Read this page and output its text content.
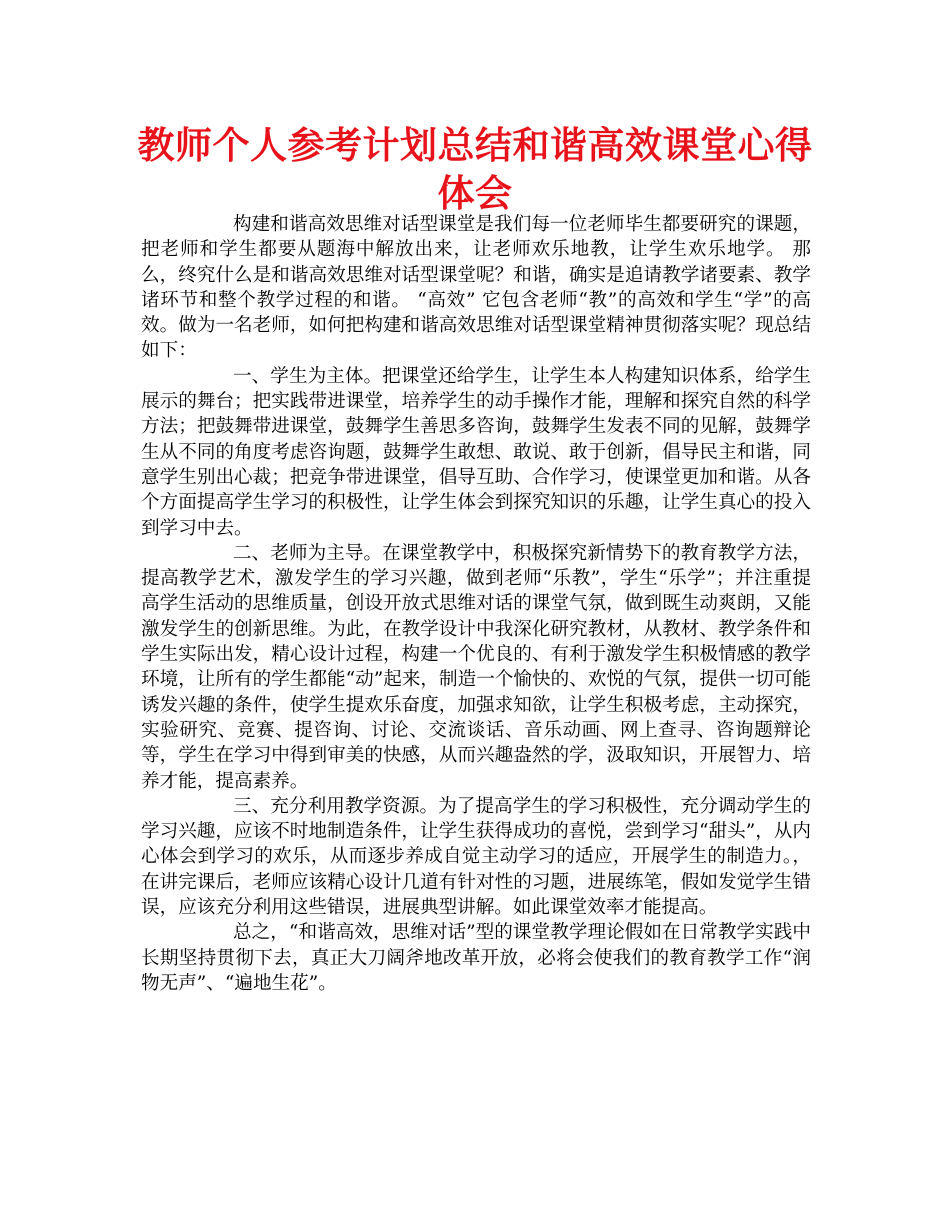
教师个人参考计划总结和谐高效课堂心得体会

构建和谐高效思维对话型课堂是我们每一位老师毕生都要研究的课题，把老师和学生都要从题海中解放出来，让老师欢乐地教，让学生欢乐地学。 那么，终究什么是和谐高效思维对话型课堂呢？和谐，确实是追请教学诸要素、教学诸环节和整个教学过程的和谐。 “高效” 它包含老师“教”的高效和学生“学”的高效。做为一名老师，如何把构建和谐高效思维对话型课堂精神贯彻落实呢？现总结如下：

一、学生为主体。把课堂还给学生，让学生本人构建知识体系，给学生展示的舞台；把实践带进课堂，培养学生的动手操作才能，理解和探究自然的科学方法；把鼓舞带进课堂，鼓舞学生善思多咨询，鼓舞学生发表不同的见解，鼓舞学生从不同的角度考虑咨询题，鼓舞学生敢想、敢说、敢于创新，倡导民主和谐，同意学生别出心裁；把竞争带进课堂，倡导互助、合作学习，使课堂更加和谐。从各个方面提高学生学习的积极性，让学生体会到探究知识的乐趣，让学生真心的投入到学习中去。

二、老师为主导。在课堂教学中，积极探究新情势下的教育教学方法，提高教学艺术，激发学生的学习兴趣，做到老师“乐教”，学生“乐学”；并注重提高学生活动的思维质量，创设开放式思维对话的课堂气氛，做到既生动爽朗，又能激发学生的创新思维。为此，在教学设计中我深化研究教材，从教材、教学条件和学生实际出发，精心设计过程，构建一个优良的、有利于激发学生积极情感的教学环境，让所有的学生都能“动”起来，制造一个愉快的、欢悦的气氛，提供一切可能诱发兴趣的条件，使学生提欢乐奋度，加强求知欲，让学生积极考虑，主动探究，实验研究、竞赛、提咨询、讨论、交流谈话、音乐动画、网上查寻、咨询题辩论等，学生在学习中得到审美的快感，从而兴趣盎然的学，汲取知识，开展智力、培养才能，提高素养。

三、充分利用教学资源。为了提高学生的学习积极性，充分调动学生的学习兴趣，应该不时地制造条件，让学生获得成功的喜悦，尝到学习“甜头”，从内心体会到学习的欢乐，从而逐步养成自觉主动学习的适应，开展学生的制造力。， 在讲完课后，老师应该精心设计几道有针对性的习题，进展练笔，假如发觉学生错误，应该充分利用这些错误，进展典型讲解。如此课堂效率才能提高。

总之，“和谐高效，思维对话”型的课堂教学理论假如在日常教学实践中长期坚持贯彻下去，真正大刀阔斧地改革开放，必将会使我们的教育教学工作“润物无声”、“遍地生花”。
